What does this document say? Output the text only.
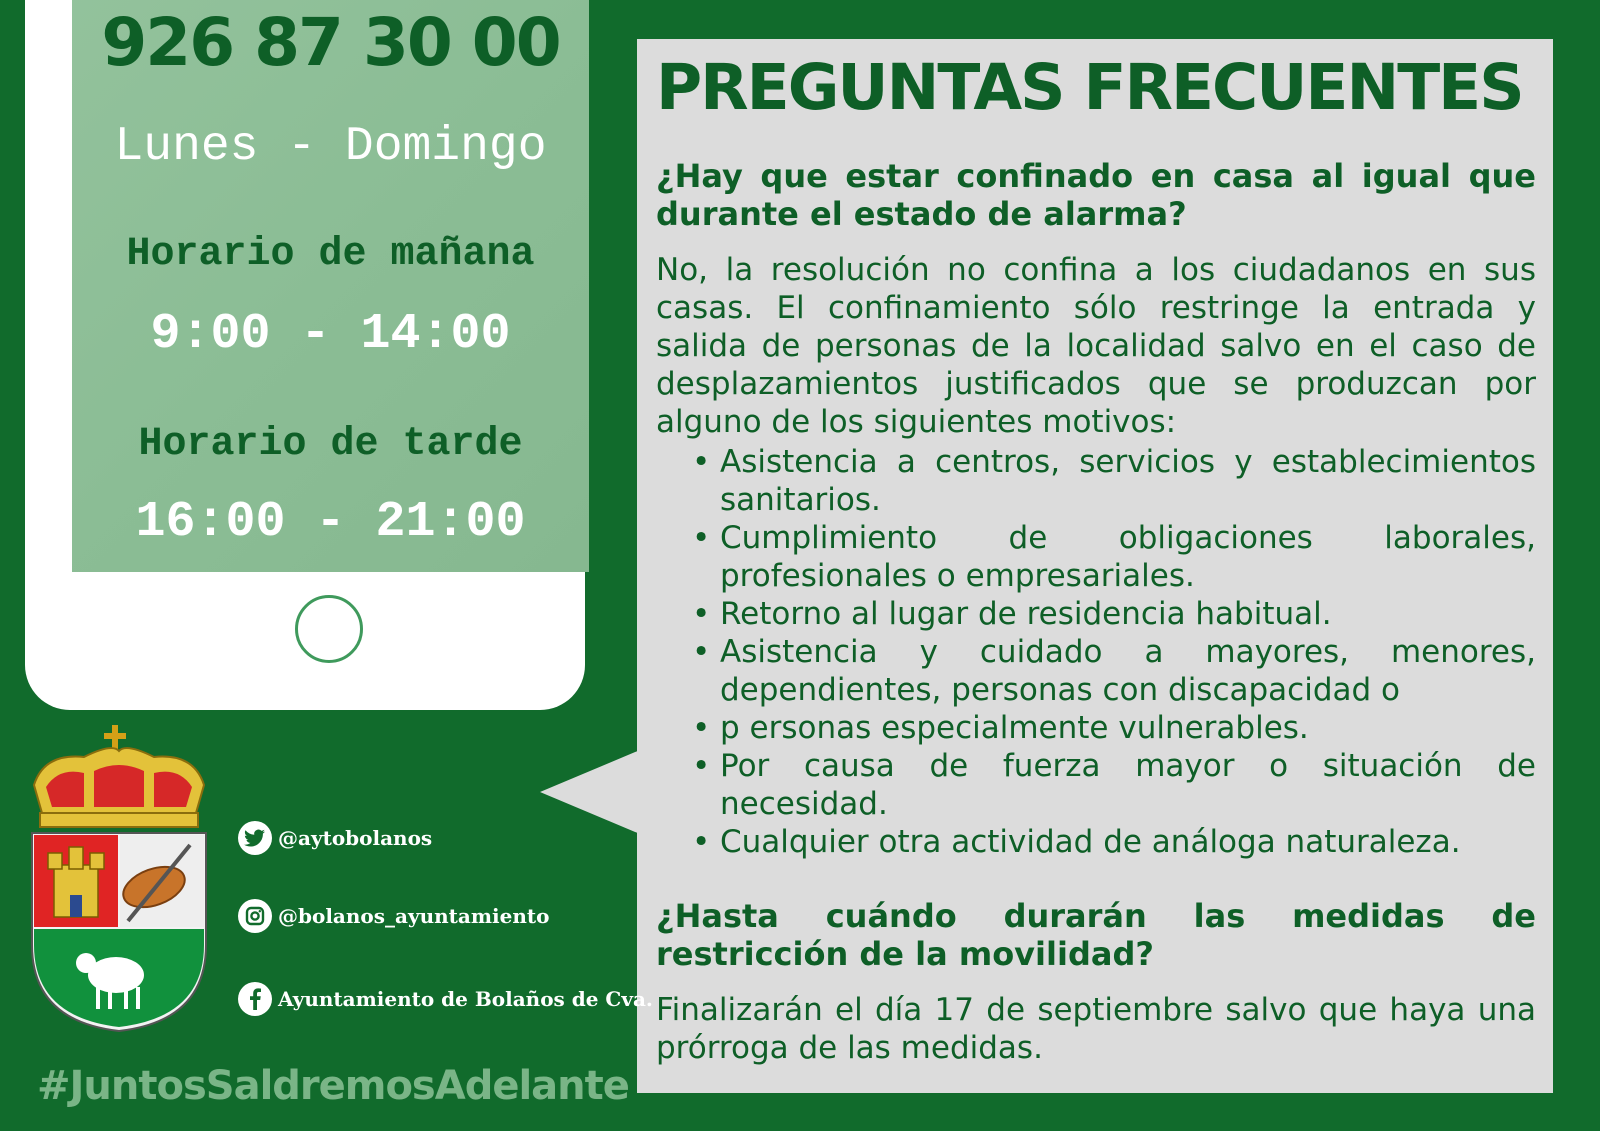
926 87 30 00
Lunes - Domingo
Horario de mañana
9:00 - 14:00
Horario de tarde
16:00 - 21:00
PREGUNTAS FRECUENTES
¿Hay que estar confinado en casa al igual que durante el estado de alarma?
No, la resolución no confina a los ciudadanos en sus casas. El confinamiento sólo restringe la entrada y salida de personas de la localidad salvo en el caso de desplazamientos justificados que se produzcan por alguno de los siguientes motivos:
• Asistencia a centros, servicios y establecimientos sanitarios.
• Cumplimiento de obligaciones laborales, profesionales o empresariales.
• Retorno al lugar de residencia habitual.
• Asistencia y cuidado a mayores, menores, dependientes, personas con discapacidad o
• p ersonas especialmente vulnerables.
• Por causa de fuerza mayor o situación de necesidad.
• Cualquier otra actividad de análoga naturaleza.
¿Hasta cuándo durarán las medidas de restricción de la movilidad?
Finalizarán el día 17 de septiembre salvo que haya una prórroga de las medidas.
@aytobolanos
@bolanos_ayuntamiento
Ayuntamiento de Bolaños de Cva.
#JuntosSaldremosAdelante
